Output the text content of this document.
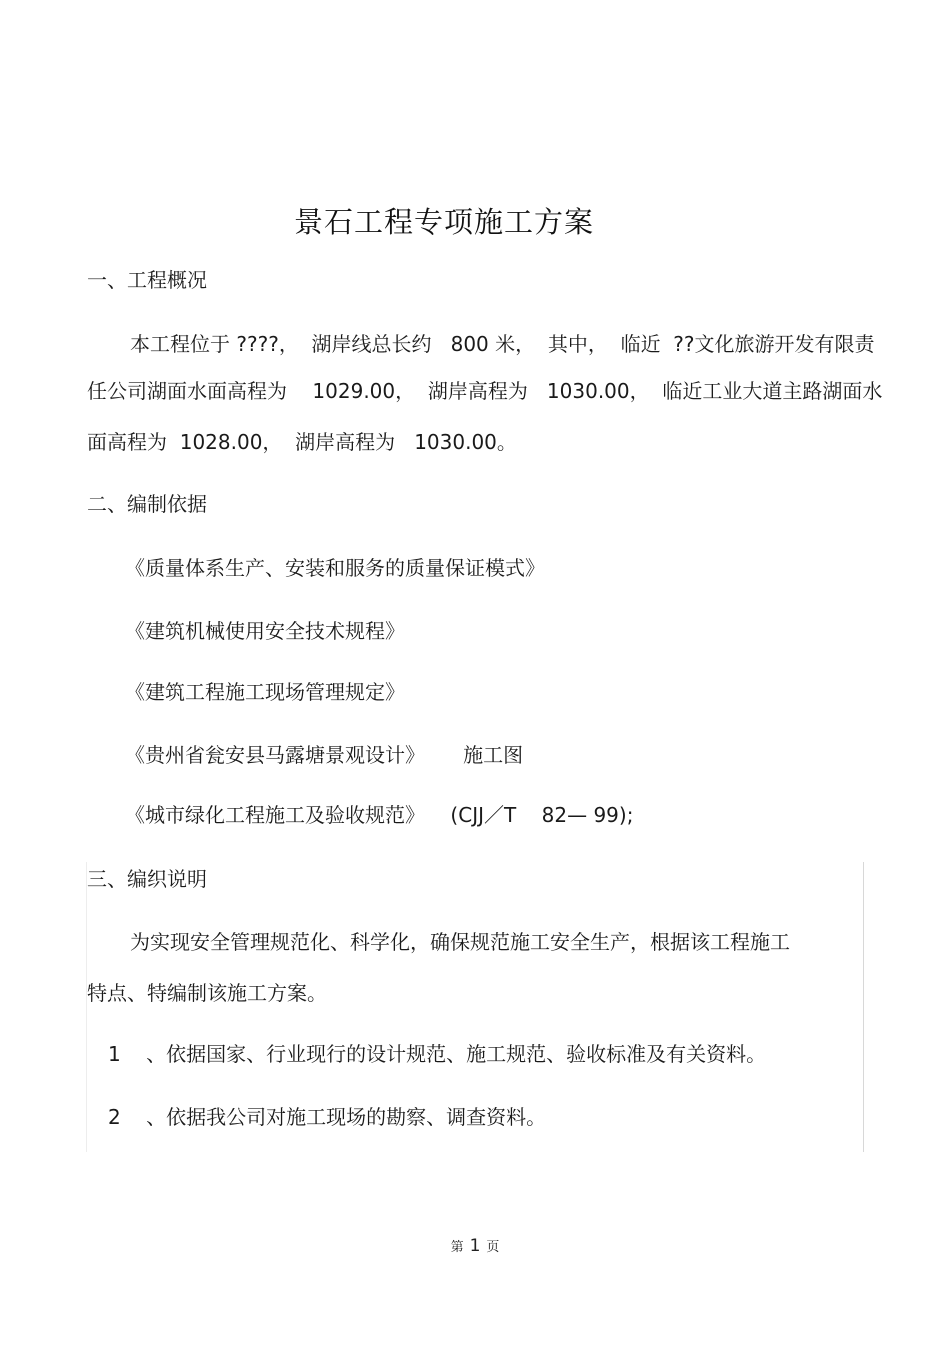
景石工程专项施工方案
一、工程概况
本工程位于 ????，  湖岸线总长约   800 米，  其中，  临近  ??文化旅游开发有限责
任公司湖面水面高程为    1029.00，  湖岸高程为   1030.00，  临近工业大道主路湖面水
面高程为  1028.00，  湖岸高程为   1030.00。
二、编制依据
《质量体系生产、安装和服务的质量保证模式》
《建筑机械使用安全技术规程》
《建筑工程施工现场管理规定》
《贵州省瓮安县马露塘景观设计》      施工图
《城市绿化工程施工及验收规范》    (CJJ／T    82— 99);
三、编织说明
为实现安全管理规范化、科学化，确保规范施工安全生产，根据该工程施工
特点、特编制该施工方案。
1    、依据国家、行业现行的设计规范、施工规范、验收标准及有关资料。
2    、依据我公司对施工现场的勘察、调查资料。
第 1 页
